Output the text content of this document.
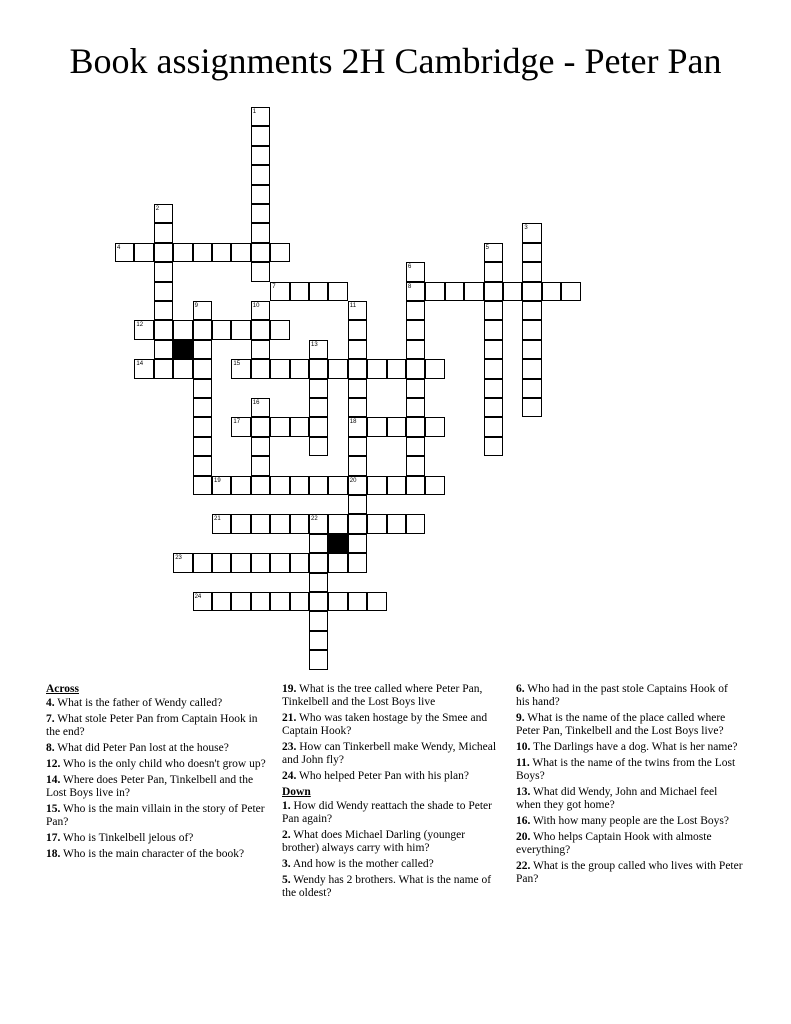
Book assignments 2H Cambridge - Peter Pan
1
2
3
4	5
6
7	8
9	10	11
12
13
14	15
16
17	18
19	20
21	22
23
24
Across
4. What is the father of Wendy called?
7. What stole Peter Pan from Captain Hook in the end?
8. What did Peter Pan lost at the house?
12. Who is the only child who doesn't grow up?
14. Where does Peter Pan, Tinkelbell and the Lost Boys live in?
15. Who is the main villain in the story of Peter Pan?
17. Who is Tinkelbell jelous of?
18. Who is the main character of the book?
19. What is the tree called where Peter Pan, Tinkelbell and the Lost Boys live
21. Who was taken hostage by the Smee and Captain Hook?
23. How can Tinkerbell make Wendy, Micheal and John fly?
24. Who helped Peter Pan with his plan?
Down
1. How did Wendy reattach the shade to Peter Pan again?
2. What does Michael Darling (younger brother) always carry with him?
3. And how is the mother called?
5. Wendy has 2 brothers. What is the name of the oldest?
6. Who had in the past stole Captains Hook of his hand?
9. What is the name of the place called where Peter Pan, Tinkelbell and the Lost Boys live?
10. The Darlings have a dog. What is her name?
11. What is the name of the twins from the Lost Boys?
13. What did Wendy, John and Michael feel when they got home?
16. With how many people are the Lost Boys?
20. Who helps Captain Hook with almoste everything?
22. What is the group called who lives with Peter Pan?
